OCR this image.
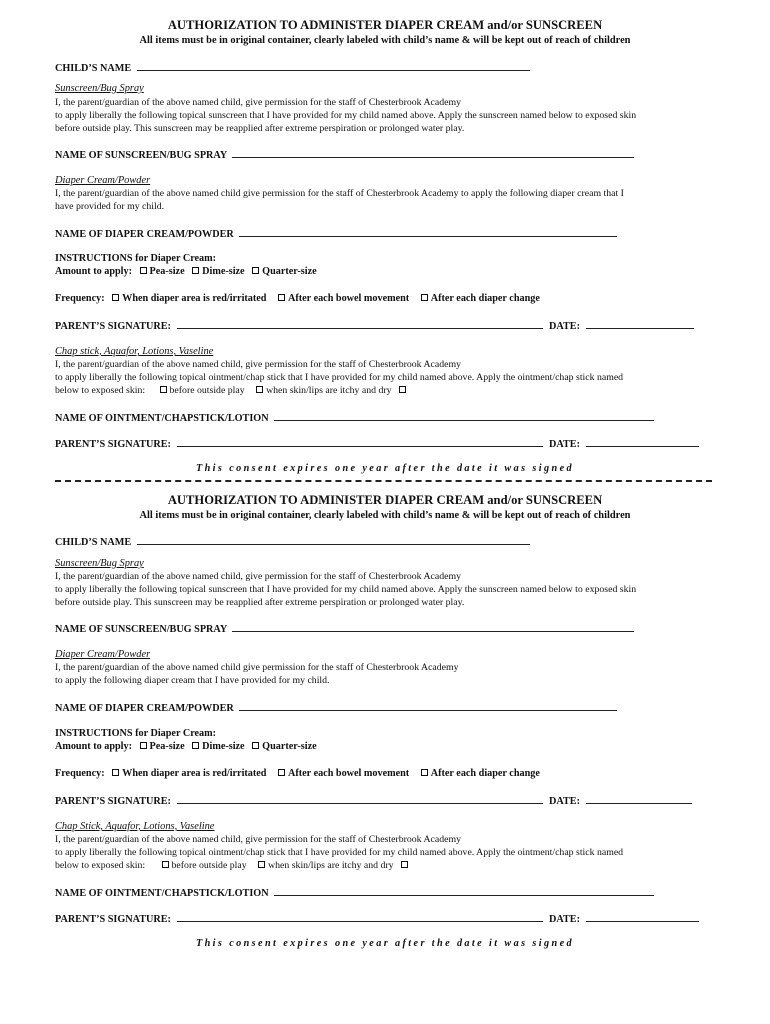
AUTHORIZATION TO ADMINISTER DIAPER CREAM and/or SUNSCREEN
All items must be in original container, clearly labeled with child’s name & will be kept out of reach of children
CHILD’S NAME
Sunscreen/Bug Spray
I, the parent/guardian of the above named child, give permission for the staff of Chesterbrook Academy
to apply liberally the following topical sunscreen that I have provided for my child named above. Apply the sunscreen named below to exposed skin
before outside play. This sunscreen may be reapplied after extreme perspiration or prolonged water play.
NAME OF SUNSCREEN/BUG SPRAY
Diaper Cream/Powder
I, the parent/guardian of the above named child give permission for the staff of Chesterbrook Academy to apply the following diaper cream that I
have provided for my child.
NAME OF DIAPER CREAM/POWDER
INSTRUCTIONS for Diaper Cream:
Amount to apply: Pea-size Dime-size Quarter-size
Frequency: When diaper area is red/irritated After each bowel movement After each diaper change
PARENT’S SIGNATURE:	DATE:
Chap stick, Aquafor, Lotions, Vaseline
I, the parent/guardian of the above named child, give permission for the staff of Chesterbrook Academy
to apply liberally the following topical ointment/chap stick that I have provided for my child named above. Apply the ointment/chap stick named
below to exposed skin: before outside play when skin/lips are itchy and dry
NAME OF OINTMENT/CHAPSTICK/LOTION
PARENT’S SIGNATURE:	DATE:
This consent expires one year after the date it was signed
AUTHORIZATION TO ADMINISTER DIAPER CREAM and/or SUNSCREEN
All items must be in original container, clearly labeled with child’s name & will be kept out of reach of children
CHILD’S NAME
Sunscreen/Bug Spray
I, the parent/guardian of the above named child, give permission for the staff of Chesterbrook Academy
to apply liberally the following topical sunscreen that I have provided for my child named above. Apply the sunscreen named below to exposed skin
before outside play. This sunscreen may be reapplied after extreme perspiration or prolonged water play.
NAME OF SUNSCREEN/BUG SPRAY
Diaper Cream/Powder
I, the parent/guardian of the above named child give permission for the staff of Chesterbrook Academy
to apply the following diaper cream that I have provided for my child.
NAME OF DIAPER CREAM/POWDER
INSTRUCTIONS for Diaper Cream:
Amount to apply: Pea-size Dime-size Quarter-size
Frequency: When diaper area is red/irritated After each bowel movement After each diaper change
PARENT’S SIGNATURE:	DATE:
Chap Stick, Aquafor, Lotions, Vaseline
I, the parent/guardian of the above named child, give permission for the staff of Chesterbrook Academy
to apply liberally the following topical ointment/chap stick that I have provided for my child named above. Apply the ointment/chap stick named
below to exposed skin:	before outside play when skin/lips are itchy and dry
NAME OF OINTMENT/CHAPSTICK/LOTION
PARENT’S SIGNATURE:	DATE:
This consent expires one year after the date it was signed
